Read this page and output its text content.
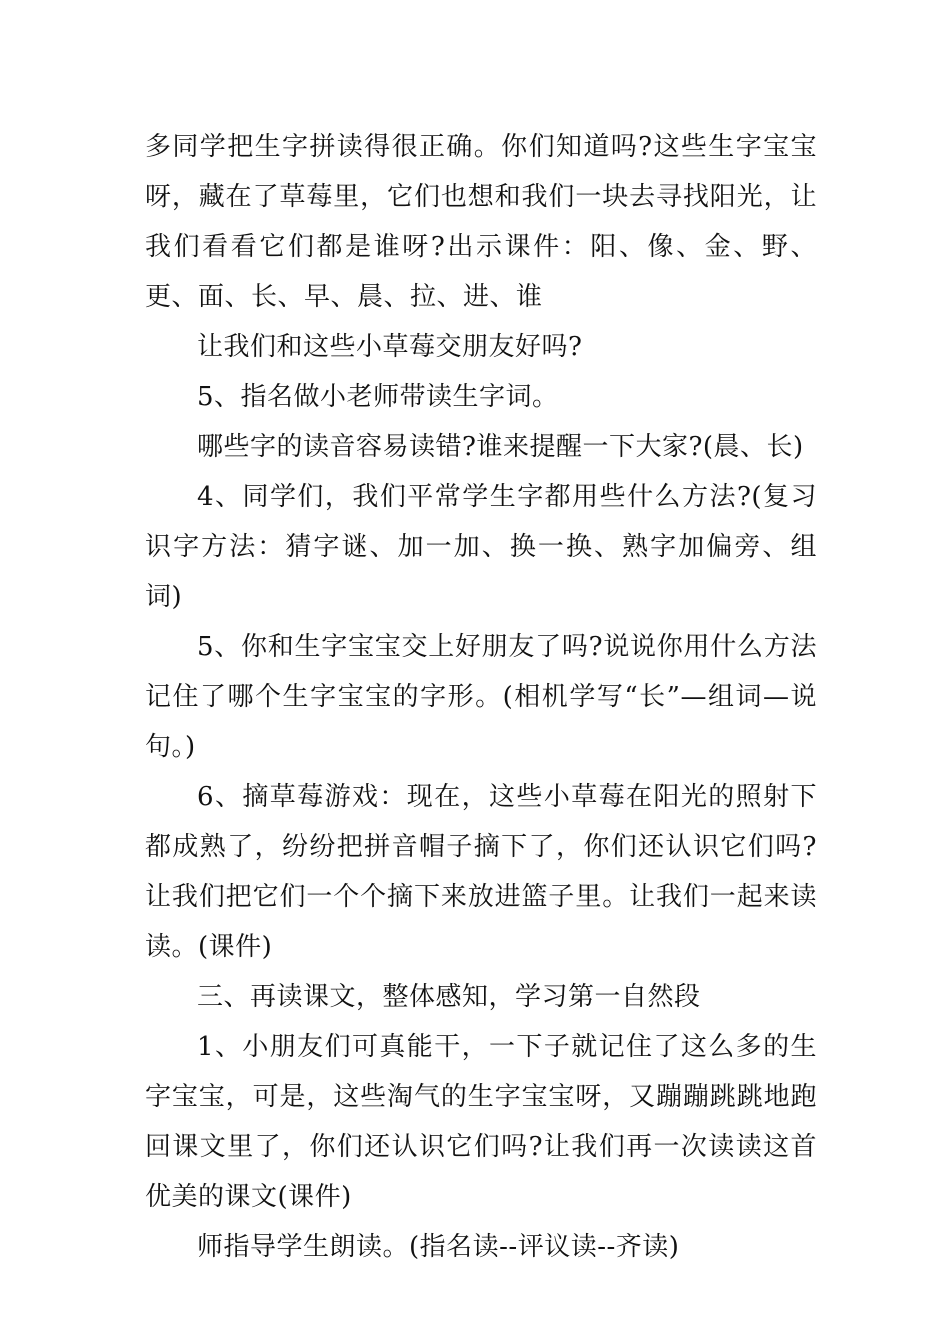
多同学把生字拼读得很正确。你们知道吗?这些生字宝宝呀，藏在了草莓里，它们也想和我们一块去寻找阳光，让我们看看它们都是谁呀?出示课件：阳、像、金、野、更、面、长、早、晨、拉、进、谁

让我们和这些小草莓交朋友好吗?

5、指名做小老师带读生字词。

哪些字的读音容易读错?谁来提醒一下大家?(晨、长)

4、同学们，我们平常学生字都用些什么方法?(复习识字方法：猜字谜、加一加、换一换、熟字加偏旁、组词)

5、你和生字宝宝交上好朋友了吗?说说你用什么方法记住了哪个生字宝宝的字形。(相机学写“长”—组词—说句。)

6、摘草莓游戏：现在，这些小草莓在阳光的照射下都成熟了，纷纷把拼音帽子摘下了，你们还认识它们吗?让我们把它们一个个摘下来放进篮子里。让我们一起来读读。(课件)

三、再读课文，整体感知，学习第一自然段

1、小朋友们可真能干，一下子就记住了这么多的生字宝宝，可是，这些淘气的生字宝宝呀，又蹦蹦跳跳地跑回课文里了，你们还认识它们吗?让我们再一次读读这首优美的课文(课件)

师指导学生朗读。(指名读--评议读--齐读)
